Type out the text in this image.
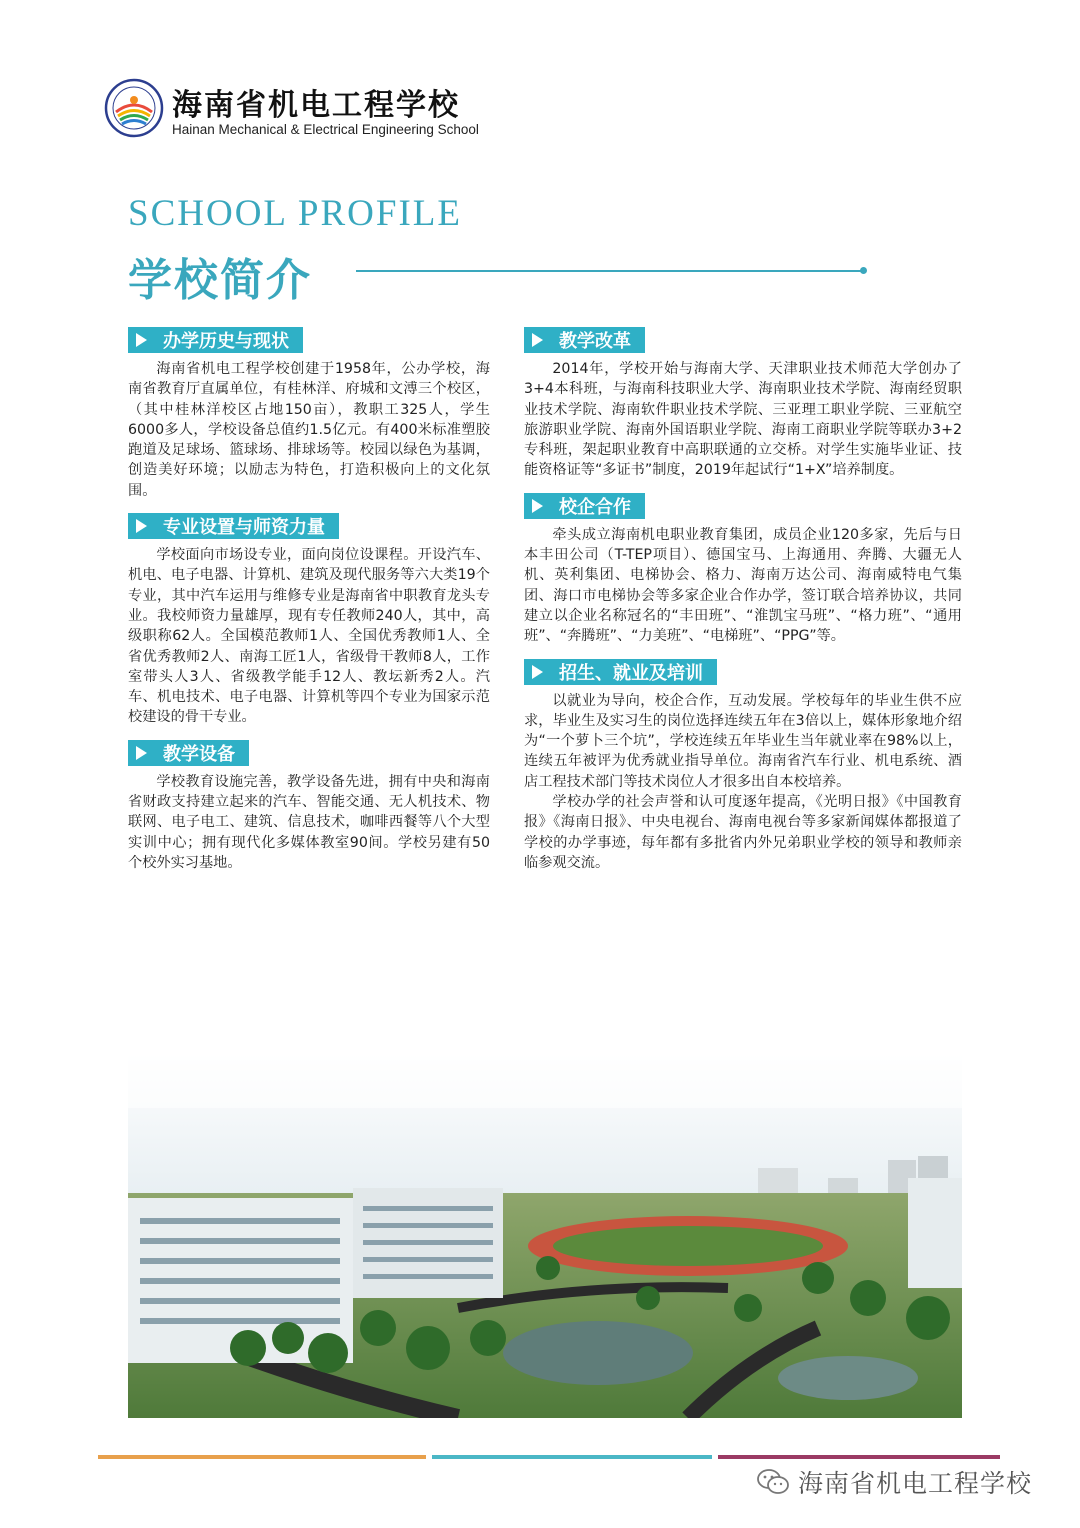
海南省机电工程学校
Hainan Mechanical & Electrical Engineering School
SCHOOL PROFILE
学校简介
办学历史与现状

海南省机电工程学校创建于1958年，公办学校，海南省教育厅直属单位，有桂林洋、府城和文溥三个校区，（其中桂林洋校区占地150亩），教职工325人，学生6000多人，学校设备总值约1.5亿元。有400米标准塑胶跑道及足球场、篮球场、排球场等。校园以绿色为基调，创造美好环境；以励志为特色，打造积极向上的文化氛围。

专业设置与师资力量

学校面向市场设专业，面向岗位设课程。开设汽车、机电、电子电器、计算机、建筑及现代服务等六大类19个专业，其中汽车运用与维修专业是海南省中职教育龙头专业。我校师资力量雄厚，现有专任教师240人，其中，高级职称62人。全国模范教师1人、全国优秀教师1人、全省优秀教师2人、南海工匠1人，省级骨干教师8人，工作室带头人3人、省级教学能手12人、教坛新秀2人。汽车、机电技术、电子电器、计算机等四个专业为国家示范校建设的骨干专业。

教学设备

学校教育设施完善，教学设备先进，拥有中央和海南省财政支持建立起来的汽车、智能交通、无人机技术、物联网、电子电工、建筑、信息技术，咖啡西餐等八个大型实训中心；拥有现代化多媒体教室90间。学校另建有50个校外实习基地。

教学改革

2014年，学校开始与海南大学、天津职业技术师范大学创办了3+4本科班，与海南科技职业大学、海南职业技术学院、海南经贸职业技术学院、海南软件职业技术学院、三亚理工职业学院、三亚航空旅游职业学院、海南外国语职业学院、海南工商职业学院等联办3+2专科班，架起职业教育中高职联通的立交桥。对学生实施毕业证、技能资格证等“多证书”制度，2019年起试行“1+X”培养制度。

校企合作

牵头成立海南机电职业教育集团，成员企业120多家，先后与日本丰田公司（T-TEP项目）、德国宝马、上海通用、奔腾、大疆无人机、英利集团、电梯协会、格力、海南万达公司、海南威特电气集团、海口市电梯协会等多家企业合作办学，签订联合培养协议，共同建立以企业名称冠名的“丰田班”、“淮凯宝马班”、“格力班”、“通用班”、“奔腾班”、“力美班”、“电梯班”、“PPG”等。

招生、就业及培训

以就业为导向，校企合作，互动发展。学校每年的毕业生供不应求，毕业生及实习生的岗位选择连续五年在3倍以上，媒体形象地介绍为“一个萝卜三个坑”，学校连续五年毕业生当年就业率在98%以上，连续五年被评为优秀就业指导单位。海南省汽车行业、机电系统、酒店工程技术部门等技术岗位人才很多出自本校培养。

学校办学的社会声誉和认可度逐年提高，《光明日报》《中国教育报》《海南日报》、中央电视台、海南电视台等多家新闻媒体都报道了学校的办学事迹，每年都有多批省内外兄弟职业学校的领导和教师亲临参观交流。

海南省机电工程学校
